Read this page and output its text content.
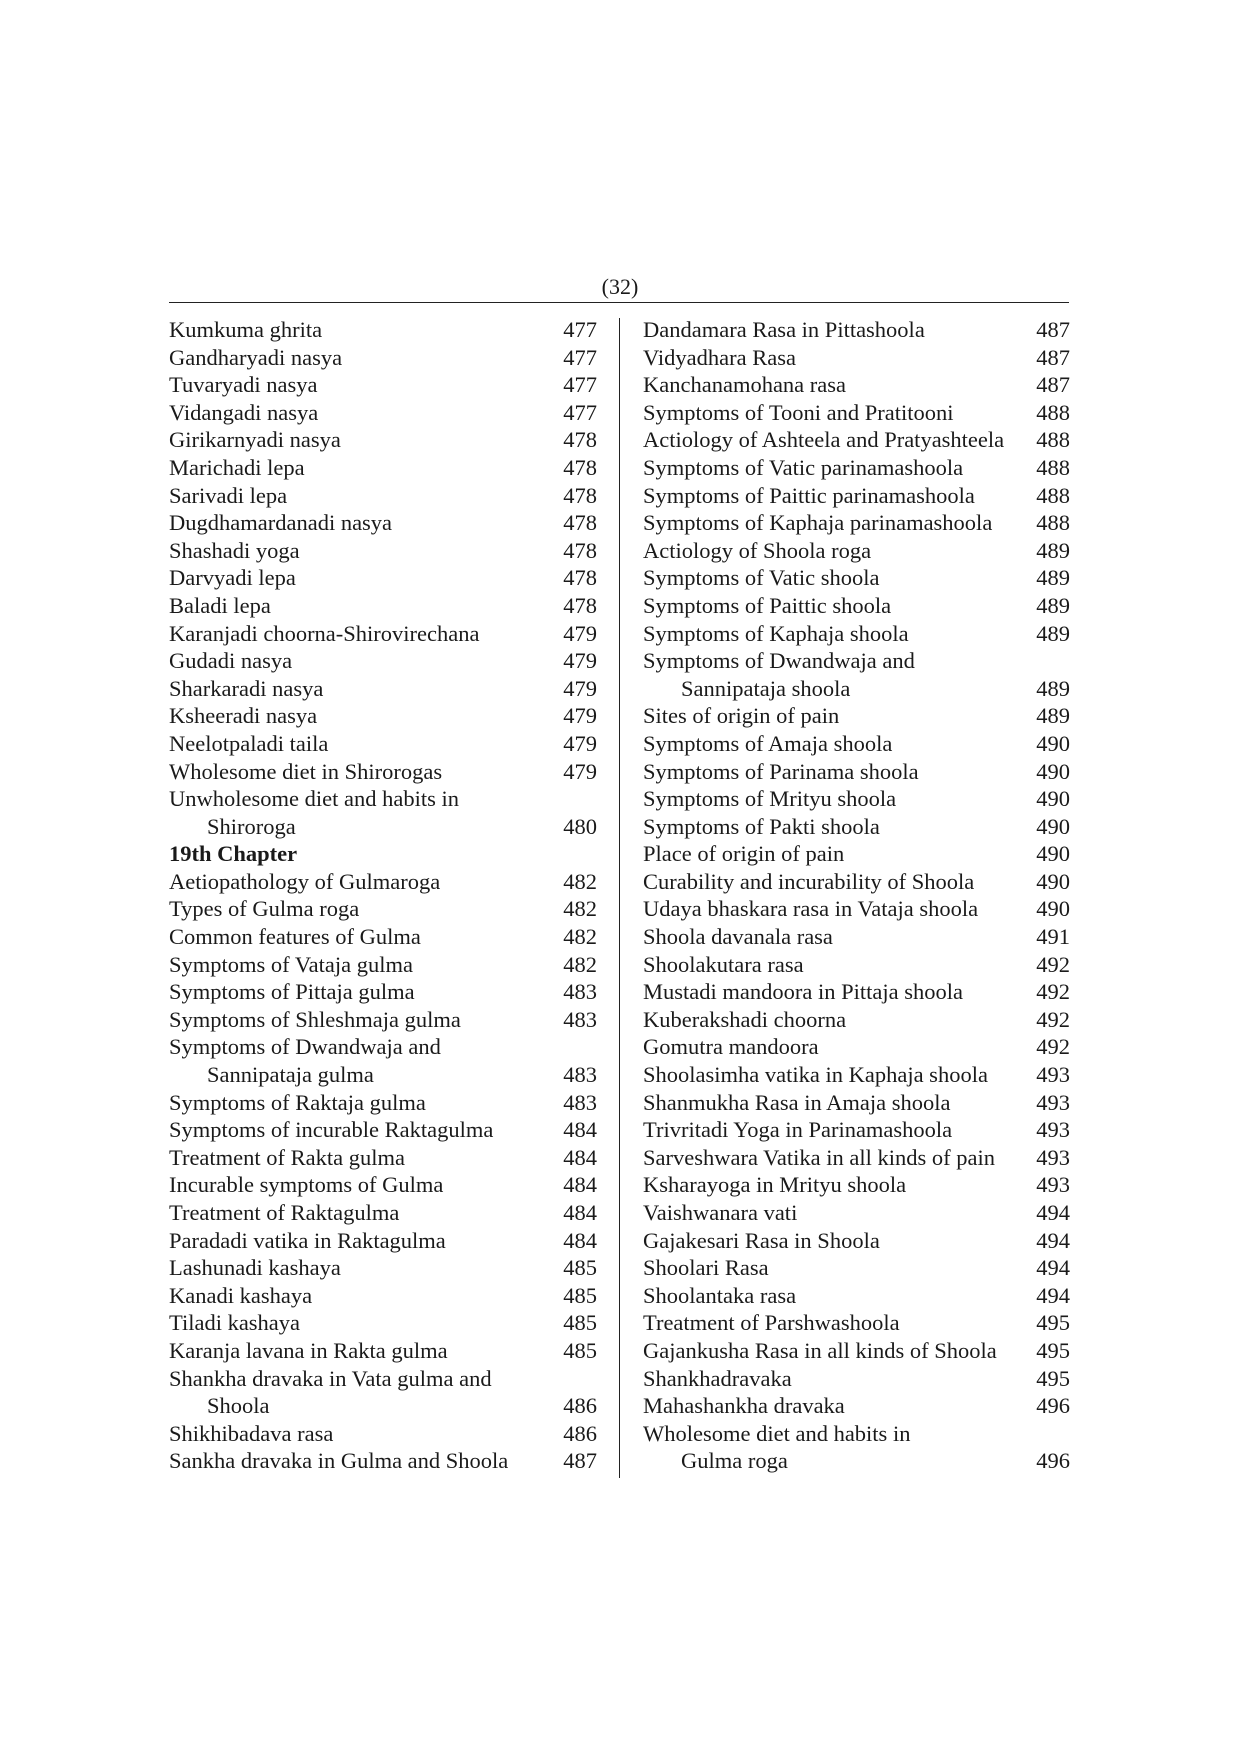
(32)
Kumkuma ghrita	477
Gandharyadi nasya	477
Tuvaryadi nasya	477
Vidangadi nasya	477
Girikarnyadi nasya	478
Marichadi lepa	478
Sarivadi lepa	478
Dugdhamardanadi nasya	478
Shashadi yoga	478
Darvyadi lepa	478
Baladi lepa	478
Karanjadi choorna-Shirovirechana	479
Gudadi nasya	479
Sharkaradi nasya	479
Ksheeradi nasya	479
Neelotpaladi taila	479
Wholesome diet in Shirorogas	479
Unwholesome diet and habits in
Shiroroga	480
19th Chapter
Aetiopathology of Gulmaroga	482
Types of Gulma roga	482
Common features of Gulma	482
Symptoms of Vataja gulma	482
Symptoms of Pittaja gulma	483
Symptoms of Shleshmaja gulma	483
Symptoms of Dwandwaja and
Sannipataja gulma	483
Symptoms of Raktaja gulma	483
Symptoms of incurable Raktagulma	484
Treatment of Rakta gulma	484
Incurable symptoms of Gulma	484
Treatment of Raktagulma	484
Paradadi vatika in Raktagulma	484
Lashunadi kashaya	485
Kanadi kashaya	485
Tiladi kashaya	485
Karanja lavana in Rakta gulma	485
Shankha dravaka in Vata gulma and
Shoola	486
Shikhibadava rasa	486
Sankha dravaka in Gulma and Shoola 487
Dandamara Rasa in Pittashoola	487
Vidyadhara Rasa	487
Kanchanamohana rasa	487
Symptoms of Tooni and Pratitooni	488
Actiology of Ashteela and Pratyashteela 488
Symptoms of Vatic parinamashoola	488
Symptoms of Paittic parinamashoola	488
Symptoms of Kaphaja parinamashoola 488
Actiology of Shoola roga	489
Symptoms of Vatic shoola	489
Symptoms of Paittic shoola	489
Symptoms of Kaphaja shoola	489
Symptoms of Dwandwaja and
Sannipataja shoola	489
Sites of origin of pain	489
Symptoms of Amaja shoola	490
Symptoms of Parinama shoola	490
Symptoms of Mrityu shoola	490
Symptoms of Pakti shoola	490
Place of origin of pain	490
Curability and incurability of Shoola	490
Udaya bhaskara rasa in Vataja shoola	490
Shoola davanala rasa	491
Shoolakutara rasa	492
Mustadi mandoora in Pittaja shoola	492
Kuberakshadi choorna	492
Gomutra mandoora	492
Shoolasimha vatika in Kaphaja shoola 493
Shanmukha Rasa in Amaja shoola	493
Trivritadi Yoga in Parinamashoola	493
Sarveshwara Vatika in all kinds of pain 493
Ksharayoga in Mrityu shoola	493
Vaishwanara vati	494
Gajakesari Rasa in Shoola	494
Shoolari Rasa	494
Shoolantaka rasa	494
Treatment of Parshwashoola	495
Gajankusha Rasa in all kinds of Shoola 495
Shankhadravaka	495
Mahashankha dravaka	496
Wholesome diet and habits in
Gulma roga	496
